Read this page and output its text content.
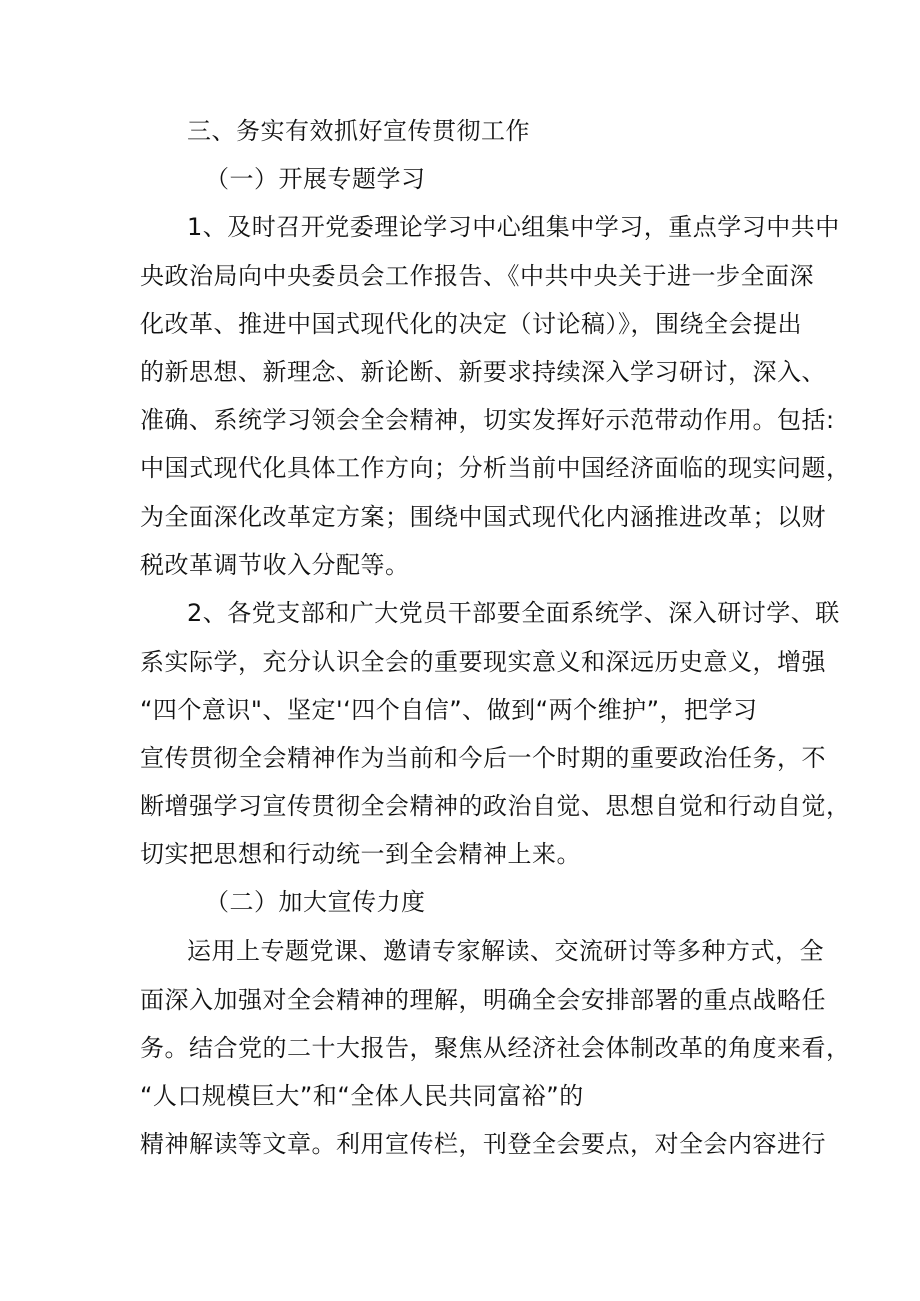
三、务实有效抓好宣传贯彻工作
（一）开展专题学习
1、及时召开党委理论学习中心组集中学习，重点学习中共中
央政治局向中央委员会工作报告、《中共中央关于进一步全面深
化改革、推进中国式现代化的决定（讨论稿）》，围绕全会提出
的新思想、新理念、新论断、新要求持续深入学习研讨，深入、
准确、系统学习领会全会精神，切实发挥好示范带动作用。包括:
中国式现代化具体工作方向；分析当前中国经济面临的现实问题，
为全面深化改革定方案；围绕中国式现代化内涵推进改革；以财
税改革调节收入分配等。
2、各党支部和广大党员干部要全面系统学、深入研讨学、联
系实际学，充分认识全会的重要现实意义和深远历史意义，增强
“四个意识"、坚定'‘四个自信”、做到“两个维护”，把学习
宣传贯彻全会精神作为当前和今后一个时期的重要政治任务，不
断增强学习宣传贯彻全会精神的政治自觉、思想自觉和行动自觉，
切实把思想和行动统一到全会精神上来。
（二）加大宣传力度
运用上专题党课、邀请专家解读、交流研讨等多种方式，全
面深入加强对全会精神的理解，明确全会安排部署的重点战略任
务。结合党的二十大报告，聚焦从经济社会体制改革的角度来看，
“人口规模巨大”和“全体人民共同富裕”的
精神解读等文章。利用宣传栏，刊登全会要点，对全会内容进行
